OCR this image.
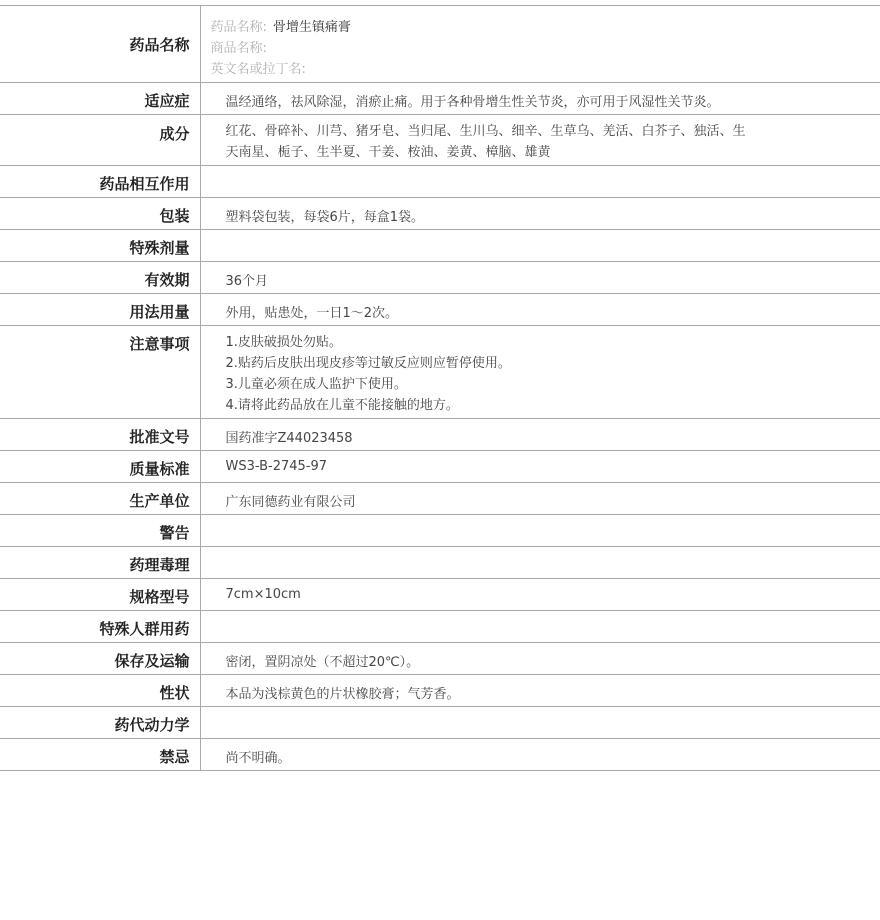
药品名称	药品名称: 骨增生镇痛膏
商品名称:
英文名或拉丁名:

适应症	温经通络，祛风除湿，消瘀止痛。用于各种骨增生性关节炎，亦可用于风湿性关节炎。
成分	红花、骨碎补、川芎、猪牙皂、当归尾、生川乌、细辛、生草乌、羌活、白芥子、独活、生
天南星、栀子、生半夏、干姜、桉油、姜黄、樟脑、雄黄

药品相互作用	
包装	塑料袋包装，每袋6片，每盒1袋。
特殊剂量	
有效期	36个月
用法用量	外用，贴患处，一日1～2次。
注意事项	1.皮肤破损处勿贴。
2.贴药后皮肤出现皮疹等过敏反应则应暂停使用。
3.儿童必须在成人监护下使用。
4.请将此药品放在儿童不能接触的地方。

批准文号	国药准字Z44023458
质量标准	WS3-B-2745-97
生产单位	广东同德药业有限公司
警告	
药理毒理	
规格型号	7cm×10cm
特殊人群用药	
保存及运输	密闭，置阴凉处（不超过20℃）。
性状	本品为浅棕黄色的片状橡胶膏；气芳香。
药代动力学	
禁忌	尚不明确。
